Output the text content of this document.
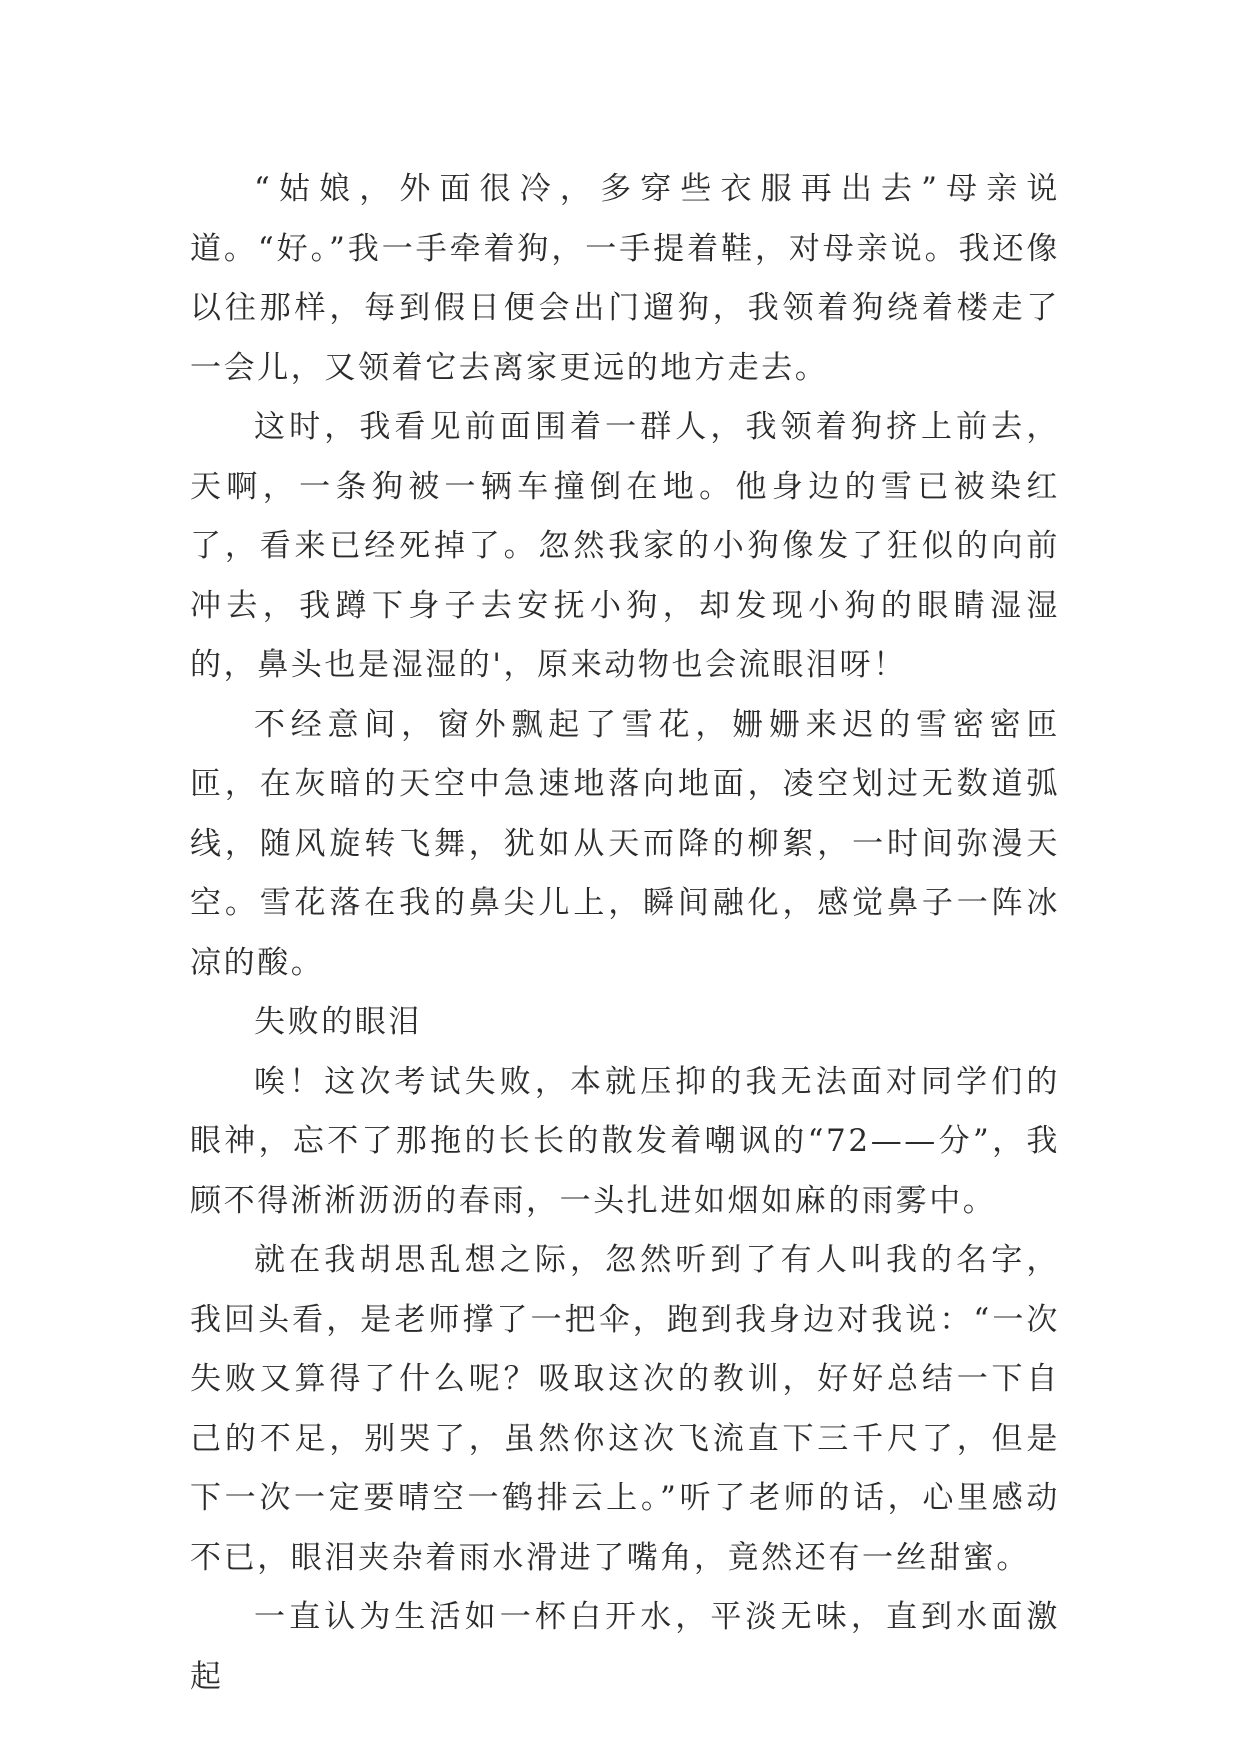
“姑娘，外面很冷，多穿些衣服再出去”母亲说道。“好。”我一手牵着狗，一手提着鞋，对母亲说。我还像以往那样，每到假日便会出门遛狗，我领着狗绕着楼走了一会儿，又领着它去离家更远的地方走去。

这时，我看见前面围着一群人，我领着狗挤上前去，天啊，一条狗被一辆车撞倒在地。他身边的雪已被染红了，看来已经死掉了。忽然我家的小狗像发了狂似的向前冲去，我蹲下身子去安抚小狗，却发现小狗的眼睛湿湿的，鼻头也是湿湿的'，原来动物也会流眼泪呀！

不经意间，窗外飘起了雪花，姗姗来迟的雪密密匝匝，在灰暗的天空中急速地落向地面，凌空划过无数道弧线，随风旋转飞舞，犹如从天而降的柳絮，一时间弥漫天空。雪花落在我的鼻尖儿上，瞬间融化，感觉鼻子一阵冰凉的酸。

失败的眼泪

唉！这次考试失败，本就压抑的我无法面对同学们的眼神，忘不了那拖的长长的散发着嘲讽的“72——分”，我顾不得淅淅沥沥的春雨，一头扎进如烟如麻的雨雾中。

就在我胡思乱想之际，忽然听到了有人叫我的名字，我回头看，是老师撑了一把伞，跑到我身边对我说：“一次失败又算得了什么呢？吸取这次的教训，好好总结一下自己的不足，别哭了，虽然你这次飞流直下三千尺了，但是下一次一定要晴空一鹤排云上。”听了老师的话，心里感动不已，眼泪夹杂着雨水滑进了嘴角，竟然还有一丝甜蜜。

一直认为生活如一杯白开水，平淡无味，直到水面激起
